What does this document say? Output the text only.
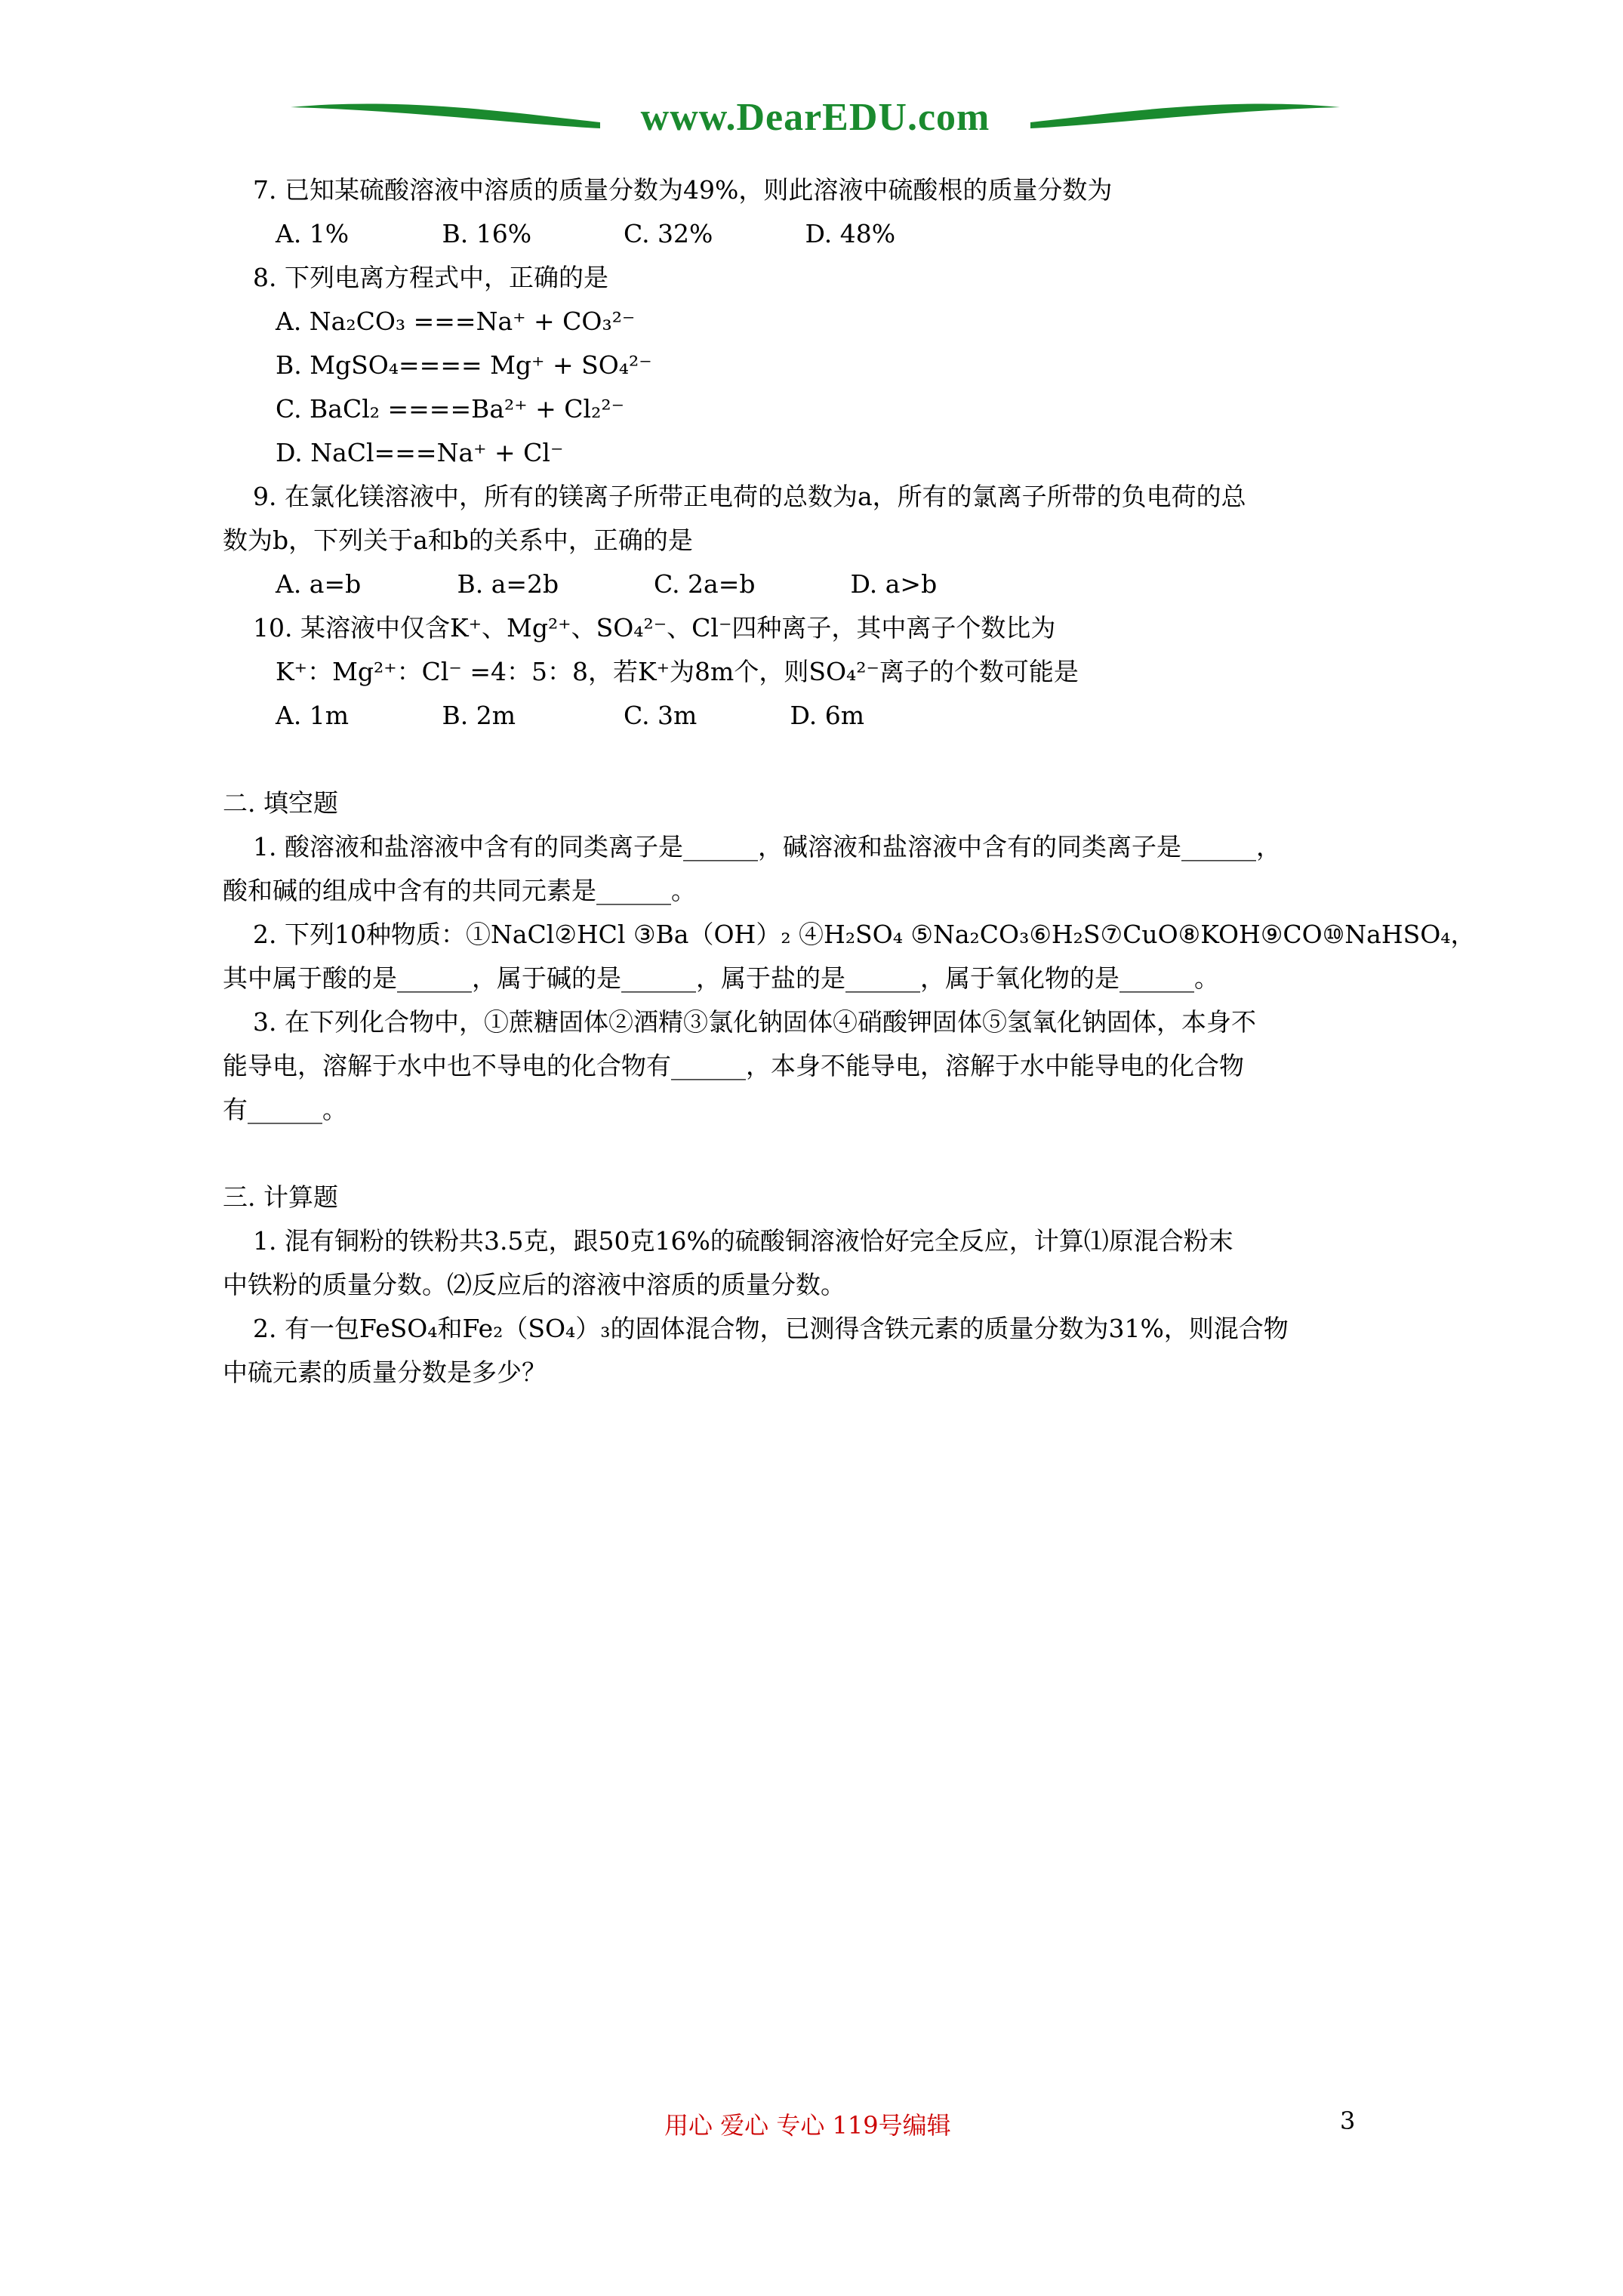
www.DearEDU.com
7. 已知某硫酸溶液中溶质的质量分数为49%，则此溶液中硫酸根的质量分数为
A. 1%	B. 16%	C. 32%	D. 48%
8. 下列电离方程式中，正确的是
A. Na₂CO₃ ===Na⁺ + CO₃²⁻
B. MgSO₄==== Mg⁺ + SO₄²⁻
C. BaCl₂ ====Ba²⁺ + Cl₂²⁻
D. NaCl===Na⁺ + Cl⁻
9. 在氯化镁溶液中，所有的镁离子所带正电荷的总数为a，所有的氯离子所带的负电荷的总
数为b，下列关于a和b的关系中，正确的是
A. a=b	B. a=2b	C. 2a=b	D. a>b
10. 某溶液中仅含K⁺、Mg²⁺、SO₄²⁻、Cl⁻四种离子，其中离子个数比为
K⁺：Mg²⁺：Cl⁻ =4：5：8，若K⁺为8m个，则SO₄²⁻离子的个数可能是
A. 1m	B. 2m	C. 3m	D. 6m
二. 填空题
1. 酸溶液和盐溶液中含有的同类离子是______，碱溶液和盐溶液中含有的同类离子是______，
酸和碱的组成中含有的共同元素是______。
2. 下列10种物质：①NaCl②HCl ③Ba（OH）₂ ④H₂SO₄ ⑤Na₂CO₃⑥H₂S⑦CuO⑧KOH⑨CO⑩NaHSO₄，
其中属于酸的是______，属于碱的是______，属于盐的是______，属于氧化物的是______。
3. 在下列化合物中，①蔗糖固体②酒精③氯化钠固体④硝酸钾固体⑤氢氧化钠固体，本身不
能导电，溶解于水中也不导电的化合物有______，本身不能导电，溶解于水中能导电的化合物
有______。
三. 计算题
1. 混有铜粉的铁粉共3.5克，跟50克16%的硫酸铜溶液恰好完全反应，计算⑴原混合粉末
中铁粉的质量分数。⑵反应后的溶液中溶质的质量分数。
2. 有一包FeSO₄和Fe₂（SO₄）₃的固体混合物，已测得含铁元素的质量分数为31%，则混合物
中硫元素的质量分数是多少？
用心 爱心 专心 119号编辑	3
